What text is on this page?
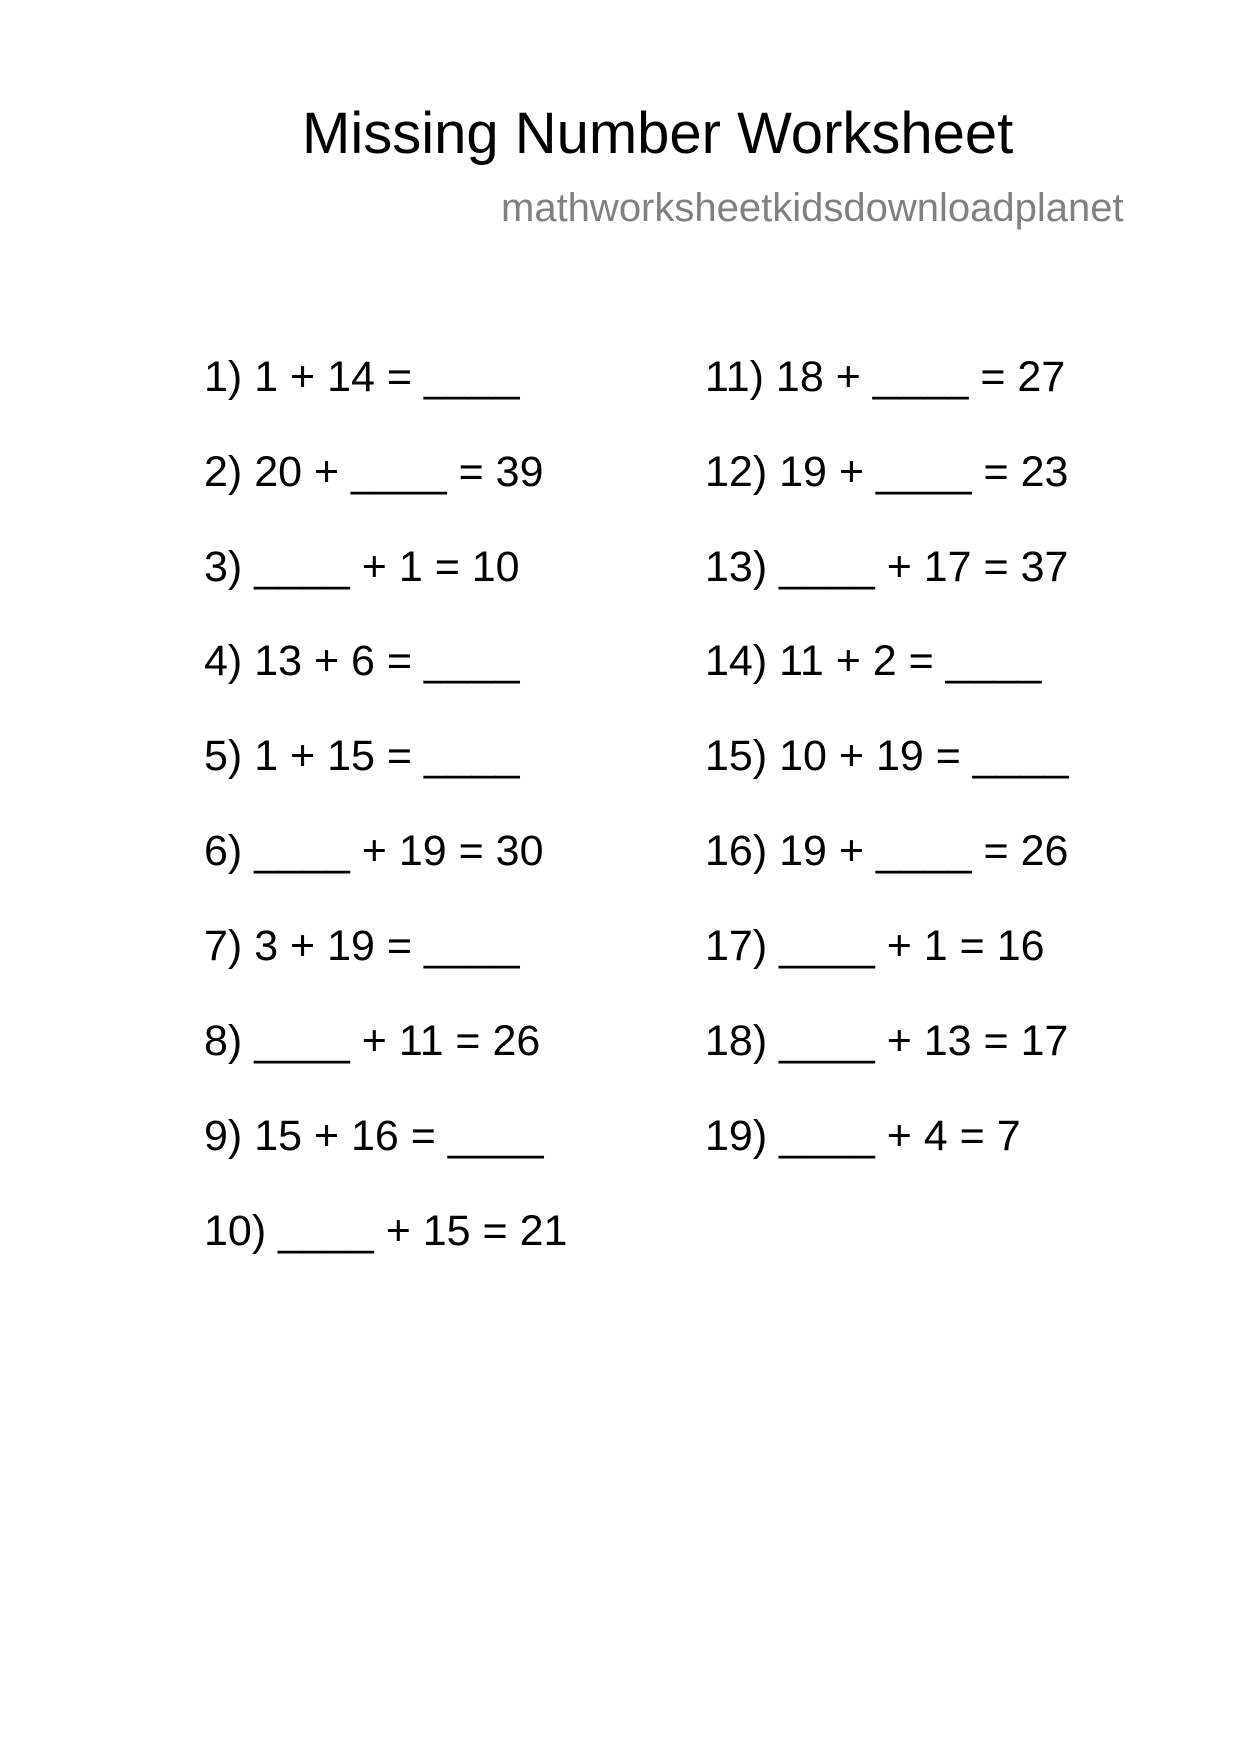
Missing Number Worksheet
mathworksheetkidsdownloadplanet
1) 1 + 14 = ____
2) 20 + ____ = 39
3) ____ + 1 = 10
4) 13 + 6 = ____
5) 1 + 15 = ____
6) ____ + 19 = 30
7) 3 + 19 = ____
8) ____ + 11 = 26
9) 15 + 16 = ____
10) ____ + 15 = 21
11) 18 + ____ = 27
12) 19 + ____ = 23
13) ____ + 17 = 37
14) 11 + 2 = ____
15) 10 + 19 = ____
16) 19 + ____ = 26
17) ____ + 1 = 16
18) ____ + 13 = 17
19) ____ + 4 = 7
